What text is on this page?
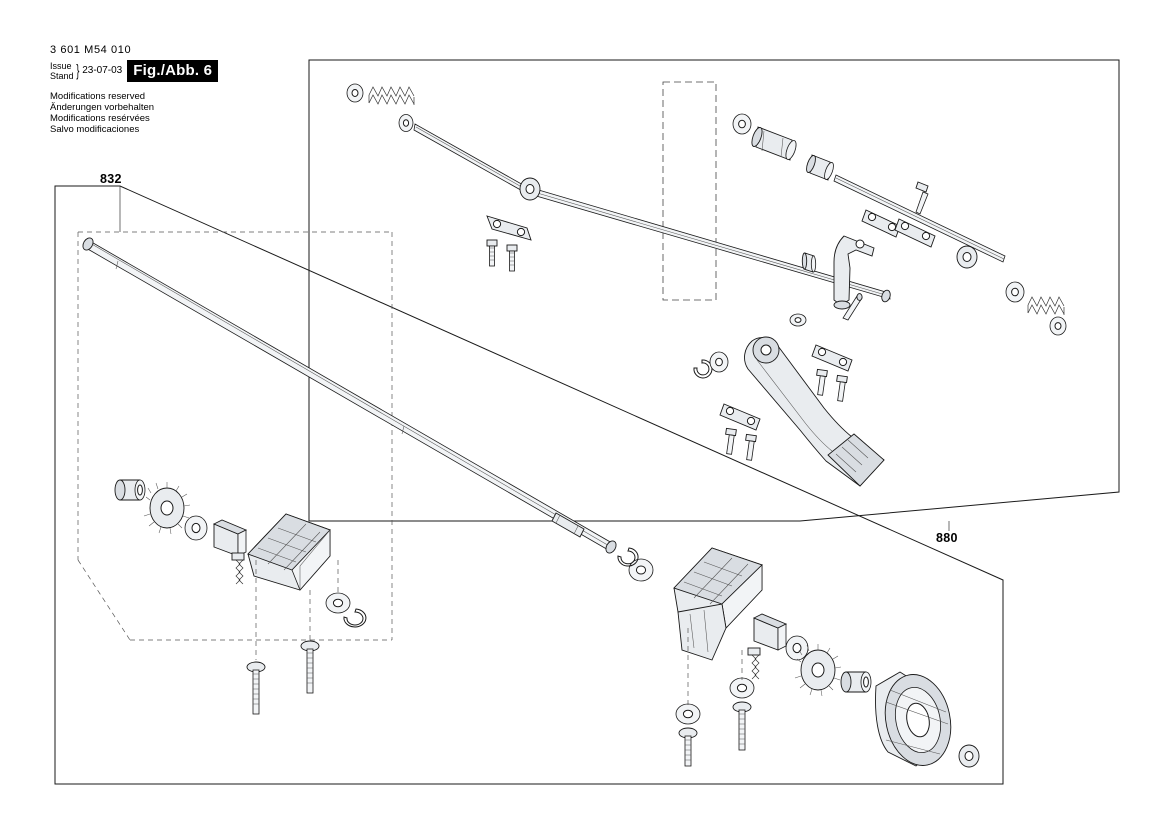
3 601 M54 010
Issue
Stand } 23-07-03 Fig./Abb. 6
Modifications reserved
Änderungen vorbehalten
Modifications resérvées
Salvo modificaciones
832
880
